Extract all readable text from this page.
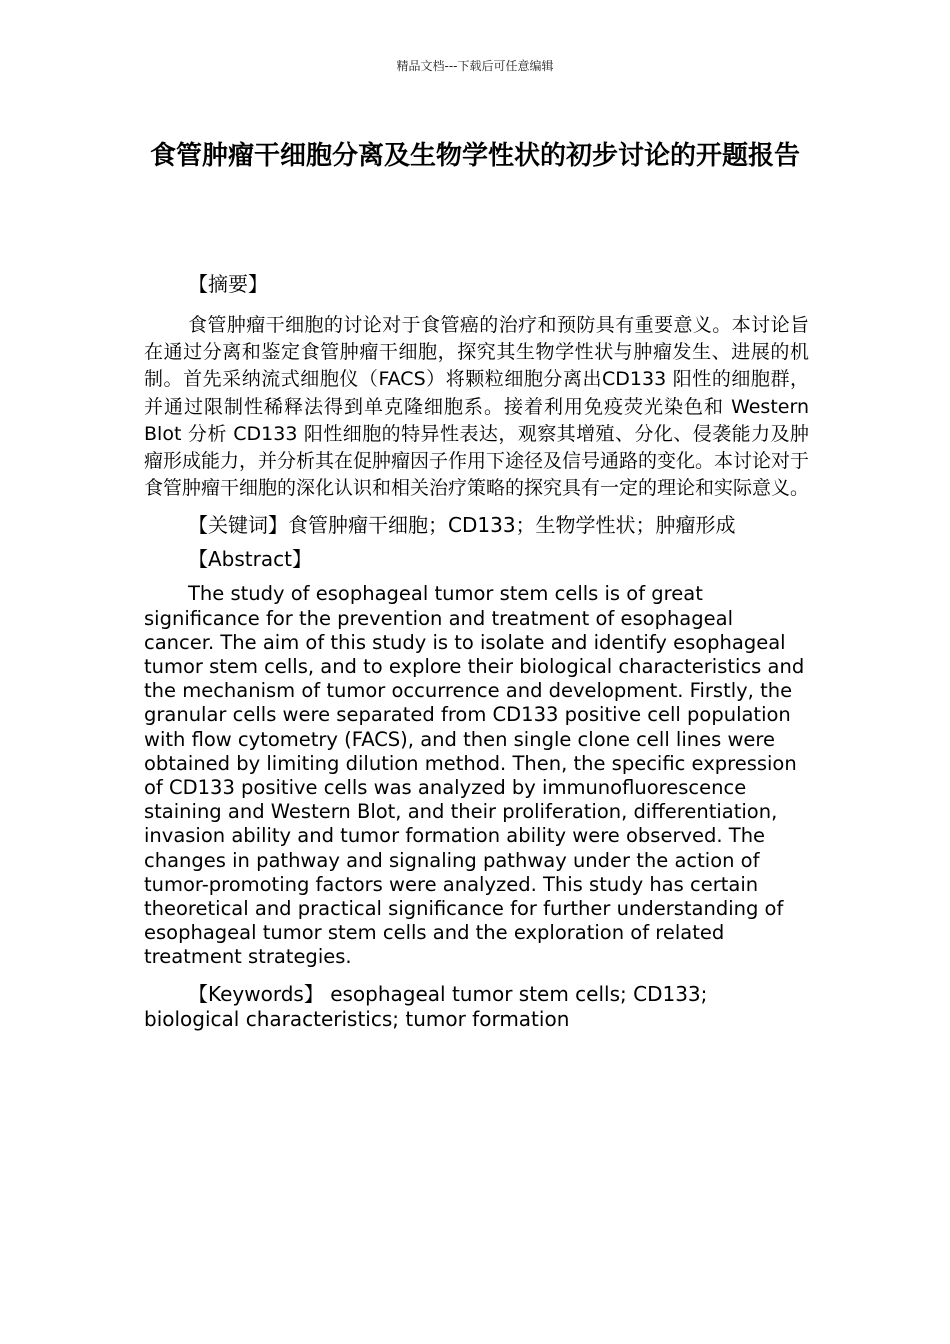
精品文档---下载后可任意编辑
食管肿瘤干细胞分离及生物学性状的初步讨论的开题报告

【摘要】

食管肿瘤干细胞的讨论对于食管癌的治疗和预防具有重要意义。本讨论旨在通过分离和鉴定食管肿瘤干细胞，探究其生物学性状与肿瘤发生、进展的机制。首先采纳流式细胞仪（FACS）将颗粒细胞分离出CD133 阳性的细胞群，并通过限制性稀释法得到单克隆细胞系。接着利用免疫荧光染色和 Western Blot 分析 CD133 阳性细胞的特异性表达，观察其增殖、分化、侵袭能力及肿瘤形成能力，并分析其在促肿瘤因子作用下途径及信号通路的变化。本讨论对于食管肿瘤干细胞的深化认识和相关治疗策略的探究具有一定的理论和实际意义。

【关键词】食管肿瘤干细胞；CD133；生物学性状；肿瘤形成

【Abstract】

The study of esophageal tumor stem cells is of great significance for the prevention and treatment of esophageal cancer. The aim of this study is to isolate and identify esophageal tumor stem cells, and to explore their biological characteristics and the mechanism of tumor occurrence and development. Firstly, the granular cells were separated from CD133 positive cell population with flow cytometry (FACS), and then single clone cell lines were obtained by limiting dilution method. Then, the specific expression of CD133 positive cells was analyzed by immunofluorescence staining and Western Blot, and their proliferation, differentiation, invasion ability and tumor formation ability were observed. The changes in pathway and signaling pathway under the action of tumor-promoting factors were analyzed. This study has certain theoretical and practical significance for further understanding of esophageal tumor stem cells and the exploration of related treatment strategies.

【Keywords】 esophageal tumor stem cells; CD133; biological characteristics; tumor formation
